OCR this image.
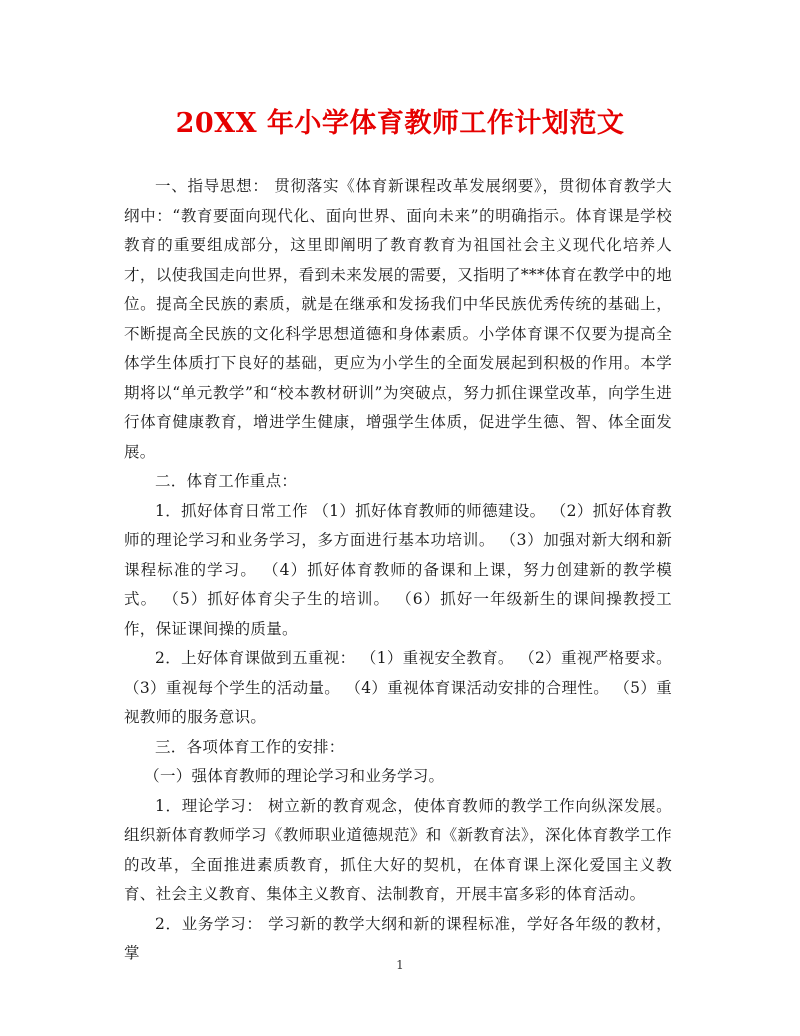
20XX 年小学体育教师工作计划范文

一、指导思想： 贯彻落实《体育新课程改革发展纲要》，贯彻体育教学大纲中：“教育要面向现代化、面向世界、面向未来”的明确指示。体育课是学校教育的重要组成部分，这里即阐明了教育教育为祖国社会主义现代化培养人才，以使我国走向世界，看到未来发展的需要，又指明了***体育在教学中的地位。提高全民族的素质，就是在继承和发扬我们中华民族优秀传统的基础上，不断提高全民族的文化科学思想道德和身体素质。小学体育课不仅要为提高全体学生体质打下良好的基础，更应为小学生的全面发展起到积极的作用。本学期将以“单元教学”和“校本教材研训”为突破点，努力抓住课堂改革，向学生进行体育健康教育，增进学生健康，增强学生体质，促进学生德、智、体全面发展。

二．体育工作重点：

1．抓好体育日常工作 （1）抓好体育教师的师德建设。 （2）抓好体育教师的理论学习和业务学习，多方面进行基本功培训。 （3）加强对新大纲和新课程标准的学习。 （4）抓好体育教师的备课和上课，努力创建新的教学模式。 （5）抓好体育尖子生的培训。 （6）抓好一年级新生的课间操教授工作，保证课间操的质量。

2．上好体育课做到五重视： （1）重视安全教育。 （2）重视严格要求。 （3）重视每个学生的活动量。 （4）重视体育课活动安排的合理性。 （5）重视教师的服务意识。

三．各项体育工作的安排：

（一）强体育教师的理论学习和业务学习。

1．理论学习： 树立新的教育观念，使体育教师的教学工作向纵深发展。组织新体育教师学习《教师职业道德规范》和《新教育法》，深化体育教学工作的改革，全面推进素质教育，抓住大好的契机，在体育课上深化爱国主义教育、社会主义教育、集体主义教育、法制教育，开展丰富多彩的体育活动。

2．业务学习： 学习新的教学大纲和新的课程标准，学好各年级的教材，掌

1
